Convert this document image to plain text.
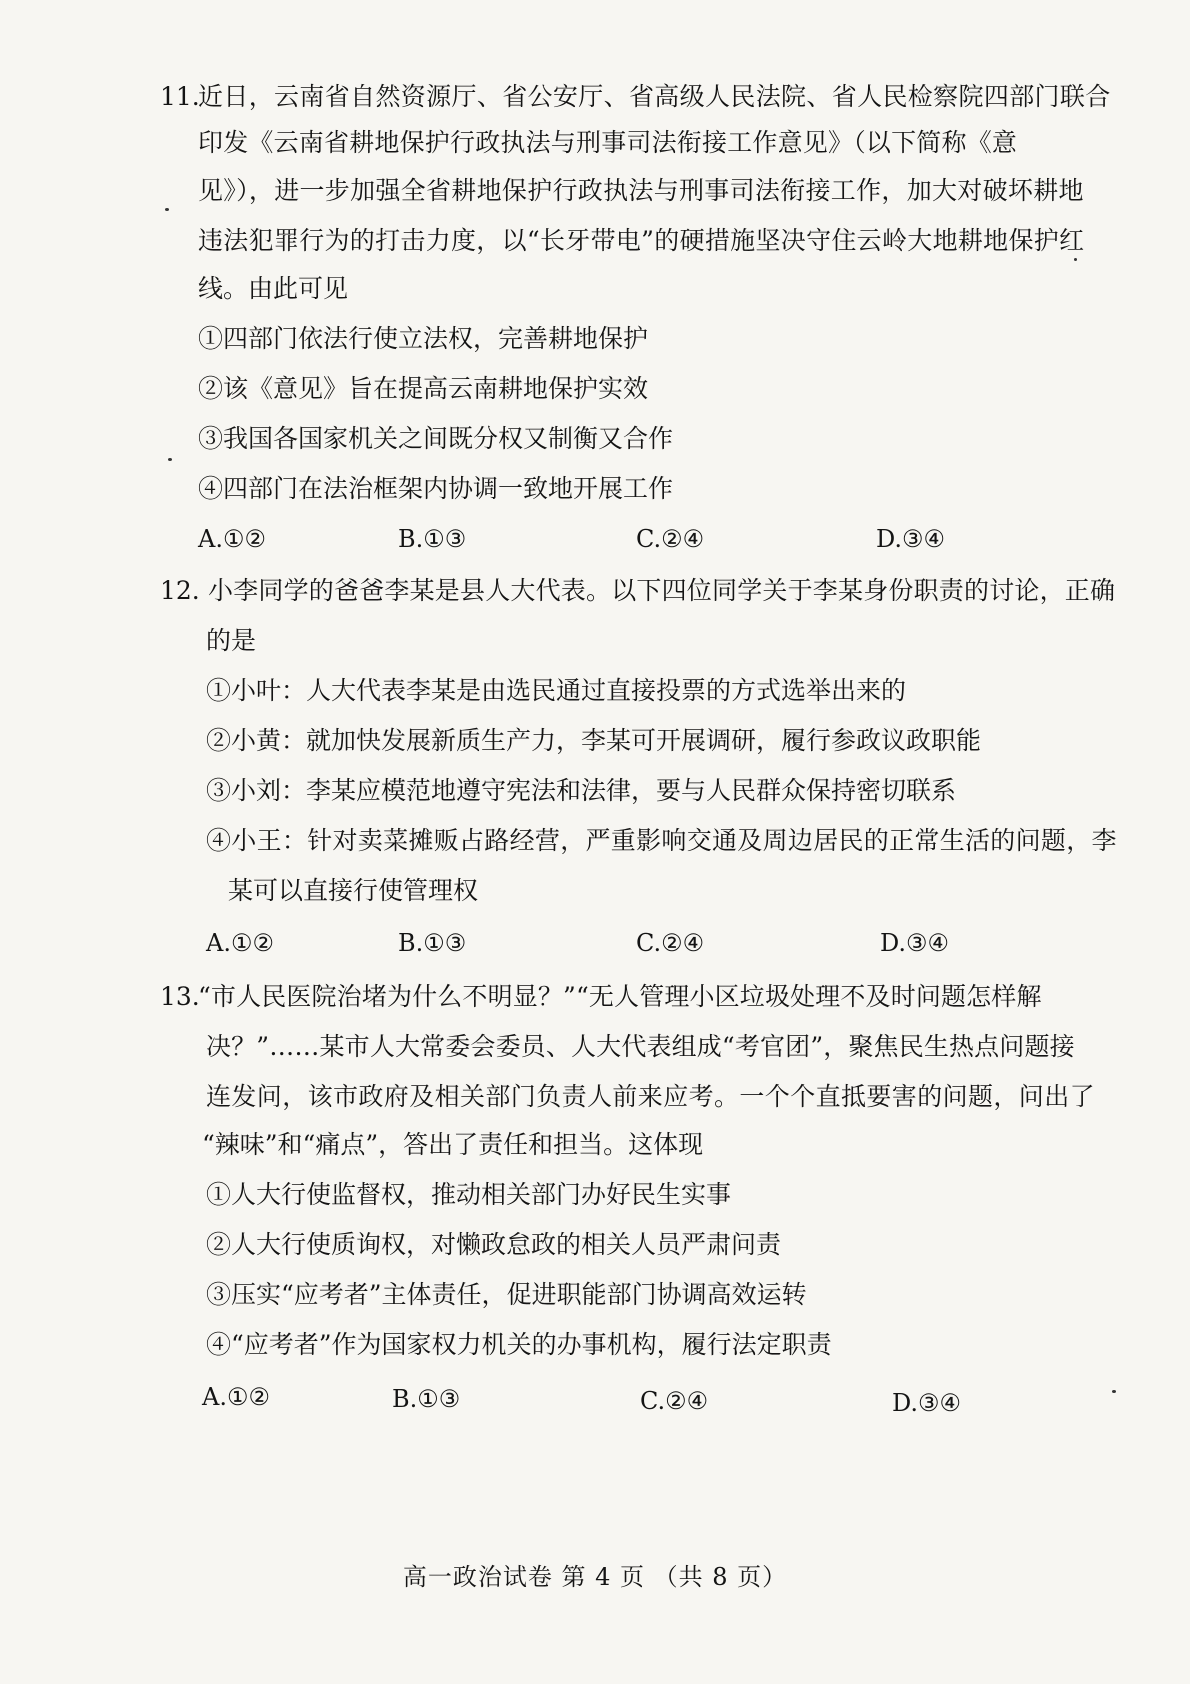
11.
近日，云南省自然资源厅、省公安厅、省高级人民法院、省人民检察院四部门联合
印发《云南省耕地保护行政执法与刑事司法衔接工作意见》（以下简称《意
见》），进一步加强全省耕地保护行政执法与刑事司法衔接工作，加大对破坏耕地
违法犯罪行为的打击力度，以“长牙带电”的硬措施坚决守住云岭大地耕地保护红
线。由此可见
①四部门依法行使立法权，完善耕地保护
②该《意见》旨在提高云南耕地保护实效
③我国各国家机关之间既分权又制衡又合作
④四部门在法治框架内协调一致地开展工作
A.①②	B.①③	C.②④	D.③④
12. 小李同学的爸爸李某是县人大代表。以下四位同学关于李某身份职责的讨论，正确
的是
①小叶：人大代表李某是由选民通过直接投票的方式选举出来的
②小黄：就加快发展新质生产力，李某可开展调研，履行参政议政职能
③小刘：李某应模范地遵守宪法和法律，要与人民群众保持密切联系
④小王：针对卖菜摊贩占路经营，严重影响交通及周边居民的正常生活的问题，李
某可以直接行使管理权
A.①②	B.①③	C.②④	D.③④
13.
“市人民医院治堵为什么不明显？”“无人管理小区垃圾处理不及时问题怎样解
决？”……某市人大常委会委员、人大代表组成“考官团”，聚焦民生热点问题接
连发问，该市政府及相关部门负责人前来应考。一个个直抵要害的问题，问出了
“辣味”和“痛点”，答出了责任和担当。这体现
①人大行使监督权，推动相关部门办好民生实事
②人大行使质询权，对懒政怠政的相关人员严肃问责
③压实“应考者”主体责任，促进职能部门协调高效运转
④“应考者”作为国家权力机关的办事机构，履行法定职责
A.①②	B.①③	C.②④	D.③④
高一政治试卷 第 4 页 （共 8 页）
